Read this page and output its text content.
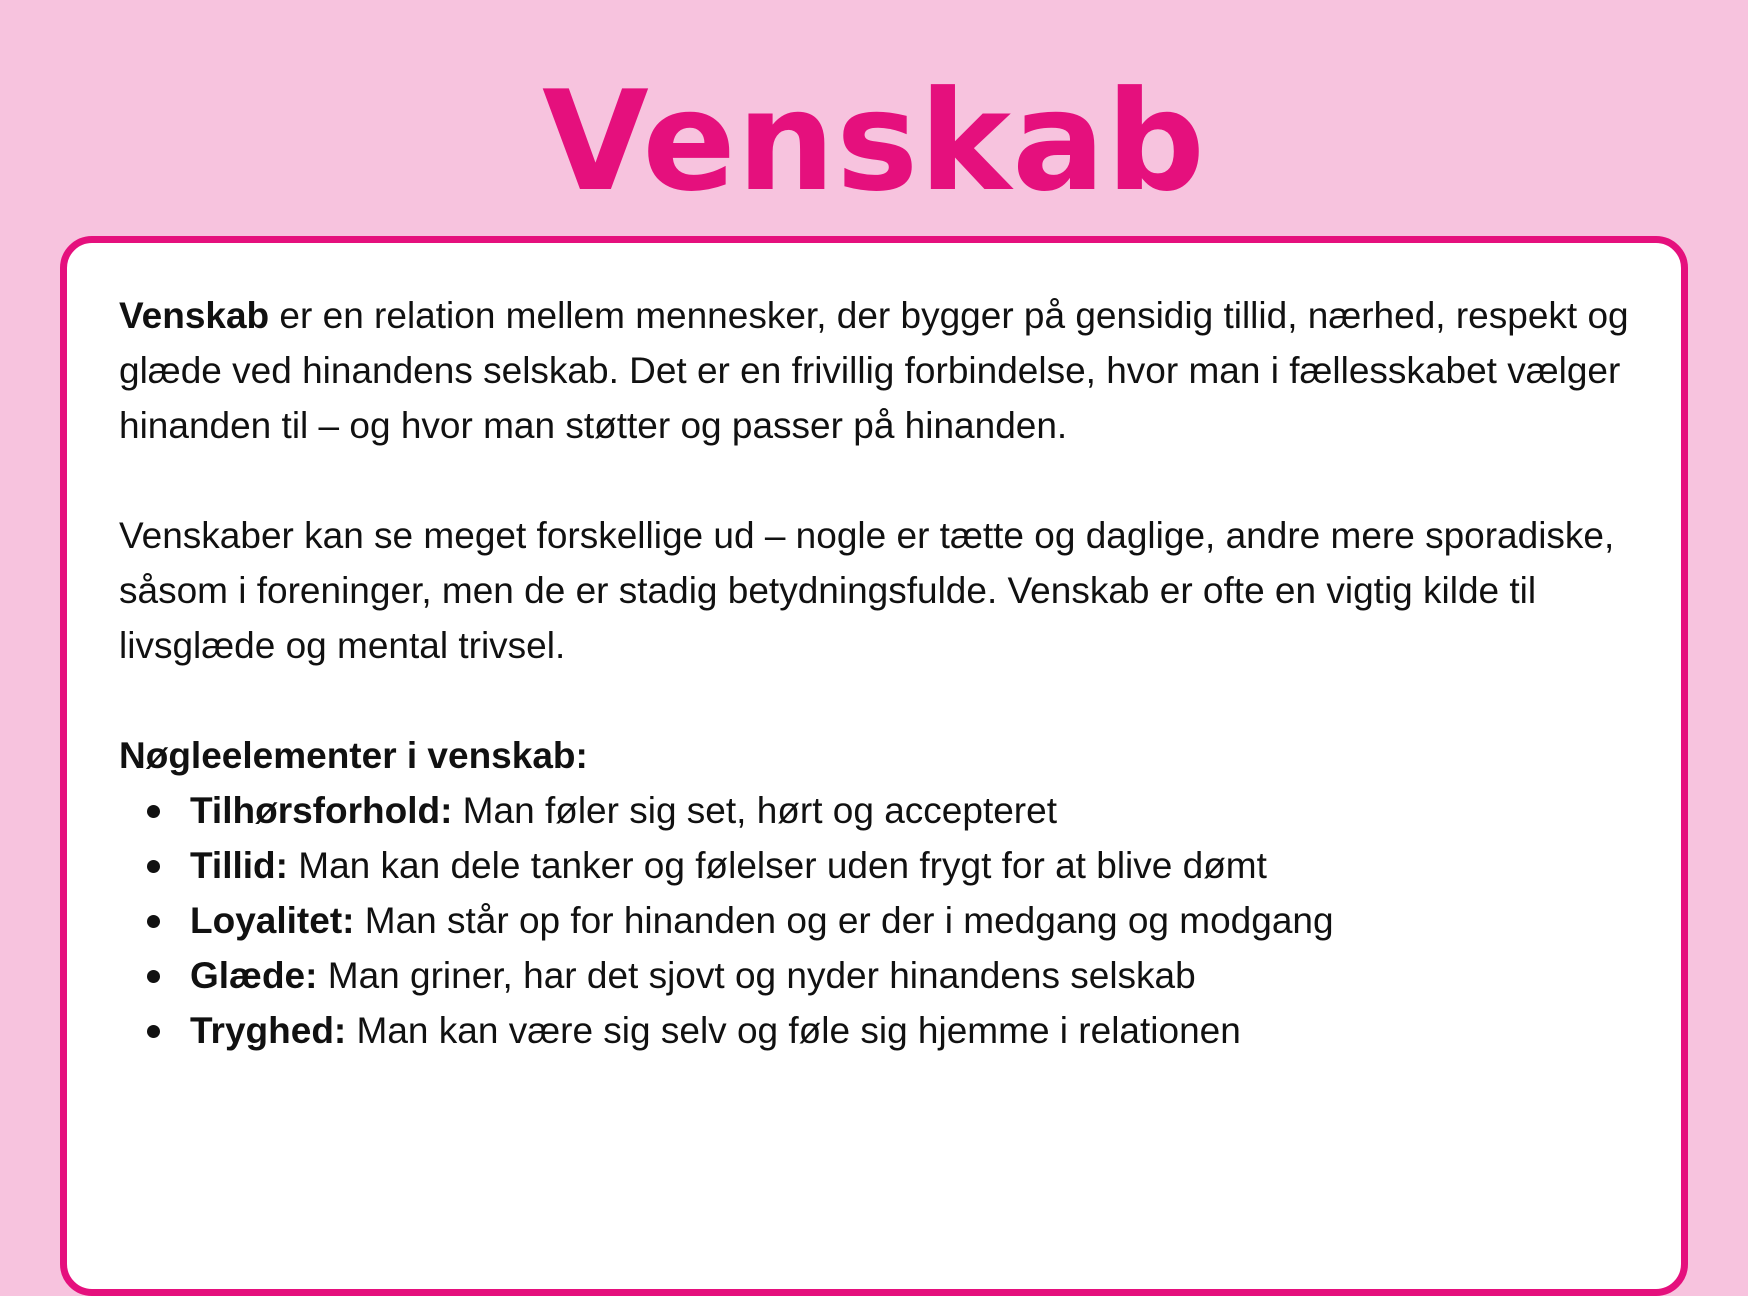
Venskab

Venskab er en relation mellem mennesker, der bygger på gensidig tillid, nærhed, respekt og glæde ved hinandens selskab. Det er en frivillig forbindelse, hvor man i fællesskabet vælger hinanden til – og hvor man støtter og passer på hinanden.

Venskaber kan se meget forskellige ud – nogle er tætte og daglige, andre mere sporadiske, såsom i foreninger, men de er stadig betydningsfulde. Venskab er ofte en vigtig kilde til livsglæde og mental trivsel.

Nøgleelementer i venskab:

Tilhørsforhold: Man føler sig set, hørt og accepteret
Tillid: Man kan dele tanker og følelser uden frygt for at blive dømt
Loyalitet: Man står op for hinanden og er der i medgang og modgang
Glæde: Man griner, har det sjovt og nyder hinandens selskab
Tryghed: Man kan være sig selv og føle sig hjemme i relationen
